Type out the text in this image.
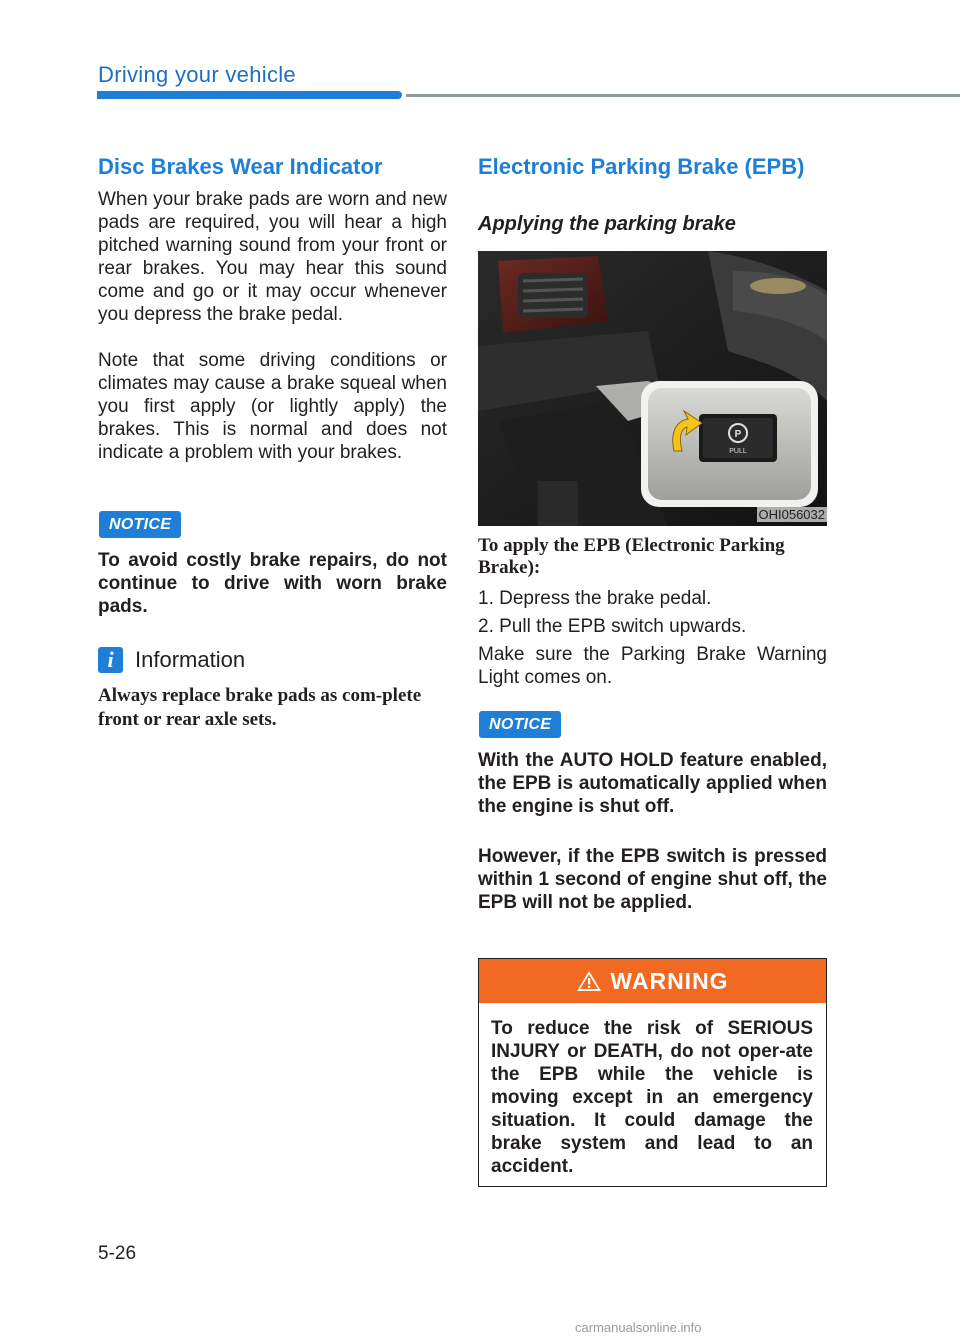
Driving your vehicle
Disc Brakes Wear Indicator

When your brake pads are worn and new pads are required, you will hear a high pitched warning sound from your front or rear brakes. You may hear this sound come and go or it may occur whenever you depress the brake pedal.

Note that some driving conditions or climates may cause a brake squeal when you first apply (or lightly apply) the brakes. This is normal and does not indicate a problem with your brakes.

NOTICE

To avoid costly brake repairs, do not continue to drive with worn brake pads.

i Information

Always replace brake pads as com-plete front or rear axle sets.

Electronic Parking Brake (EPB)

Applying the parking brake

P
PULL
OHI056032

To apply the EPB (Electronic Parking Brake):

1. Depress the brake pedal.

2. Pull the EPB switch upwards.

Make sure the Parking Brake Warning Light comes on.

NOTICE

With the AUTO HOLD feature enabled, the EPB is automatically applied when the engine is shut off.

However, if the EPB switch is pressed within 1 second of engine shut off, the EPB will not be applied.

WARNING

To reduce the risk of SERIOUS INJURY or DEATH, do not oper-ate the EPB while the vehicle is moving except in an emergency situation. It could damage the brake system and lead to an accident.

5-26
carmanualsonline.info
